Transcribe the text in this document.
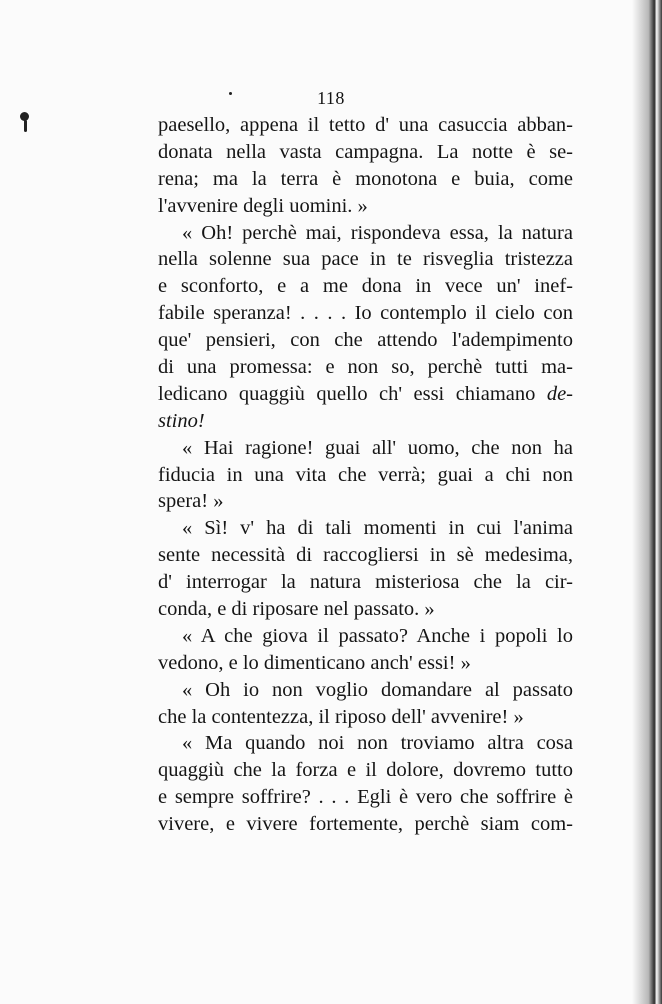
118
paesello, appena il tetto d' una casuccia abban-
donata nella vasta campagna. La notte è se-
rena; ma la terra è monotona e buia, come
l'avvenire degli uomini. »
« Oh! perchè mai, rispondeva essa, la natura
nella solenne sua pace in te risveglia tristezza
e sconforto, e a me dona in vece un' inef-
fabile speranza! . . . . Io contemplo il cielo con
que' pensieri, con che attendo l'adempimento
di una promessa: e non so, perchè tutti ma-
ledicano quaggiù quello ch' essi chiamano de-
stino!
« Hai ragione! guai all' uomo, che non ha
fiducia in una vita che verrà; guai a chi non
spera! »
« Sì! v' ha di tali momenti in cui l'anima
sente necessità di raccogliersi in sè medesima,
d' interrogar la natura misteriosa che la cir-
conda, e di riposare nel passato. »
« A che giova il passato? Anche i popoli lo
vedono, e lo dimenticano anch' essi! »
« Oh io non voglio domandare al passato
che la contentezza, il riposo dell' avvenire! »
« Ma quando noi non troviamo altra cosa
quaggiù che la forza e il dolore, dovremo tutto
e sempre soffrire? . . . Egli è vero che soffrire è
vivere, e vivere fortemente, perchè siam com-
